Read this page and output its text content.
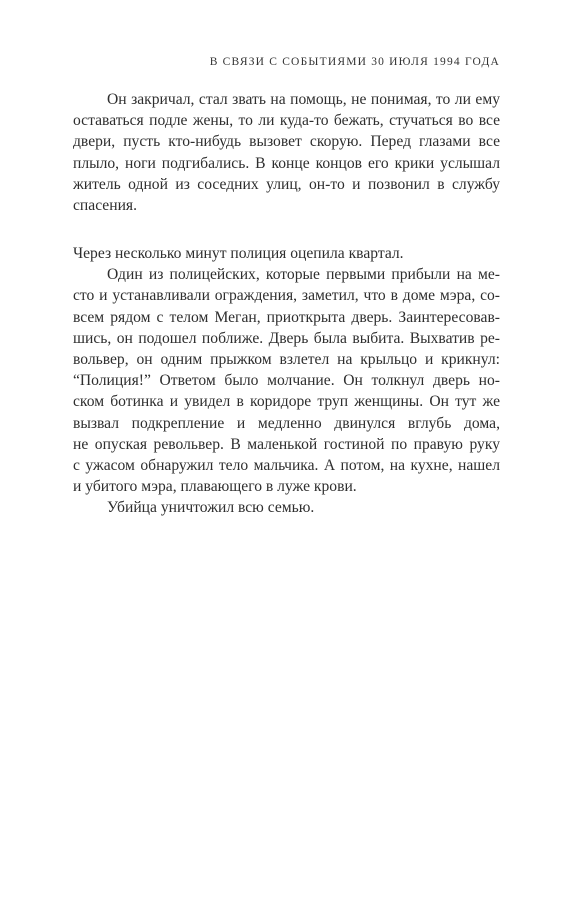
В СВЯЗИ С СОБЫТИЯМИ 30 ИЮЛЯ 1994 ГОДА
Он закричал, стал звать на помощь, не понимая, то ли ему
оставаться подле жены, то ли куда-то бежать, стучаться во все
двери, пусть кто-нибудь вызовет скорую. Перед глазами все
плыло, ноги подгибались. В конце концов его крики услышал
житель одной из соседних улиц, он-то и позвонил в службу
спасения.
Через несколько минут полиция оцепила квартал.
Один из полицейских, которые первыми прибыли на ме-
сто и устанавливали ограждения, заметил, что в доме мэра, со-
всем рядом с телом Меган, приоткрыта дверь. Заинтересовав-
шись, он подошел поближе. Дверь была выбита. Выхватив ре-
вольвер, он одним прыжком взлетел на крыльцо и крикнул:
“Полиция!” Ответом было молчание. Он толкнул дверь но-
ском ботинка и увидел в коридоре труп женщины. Он тут же
вызвал подкрепление и медленно двинулся вглубь дома,
не опуская револьвер. В маленькой гостиной по правую руку
с ужасом обнаружил тело мальчика. А потом, на кухне, нашел
и убитого мэра, плавающего в луже крови.
Убийца уничтожил всю семью.
